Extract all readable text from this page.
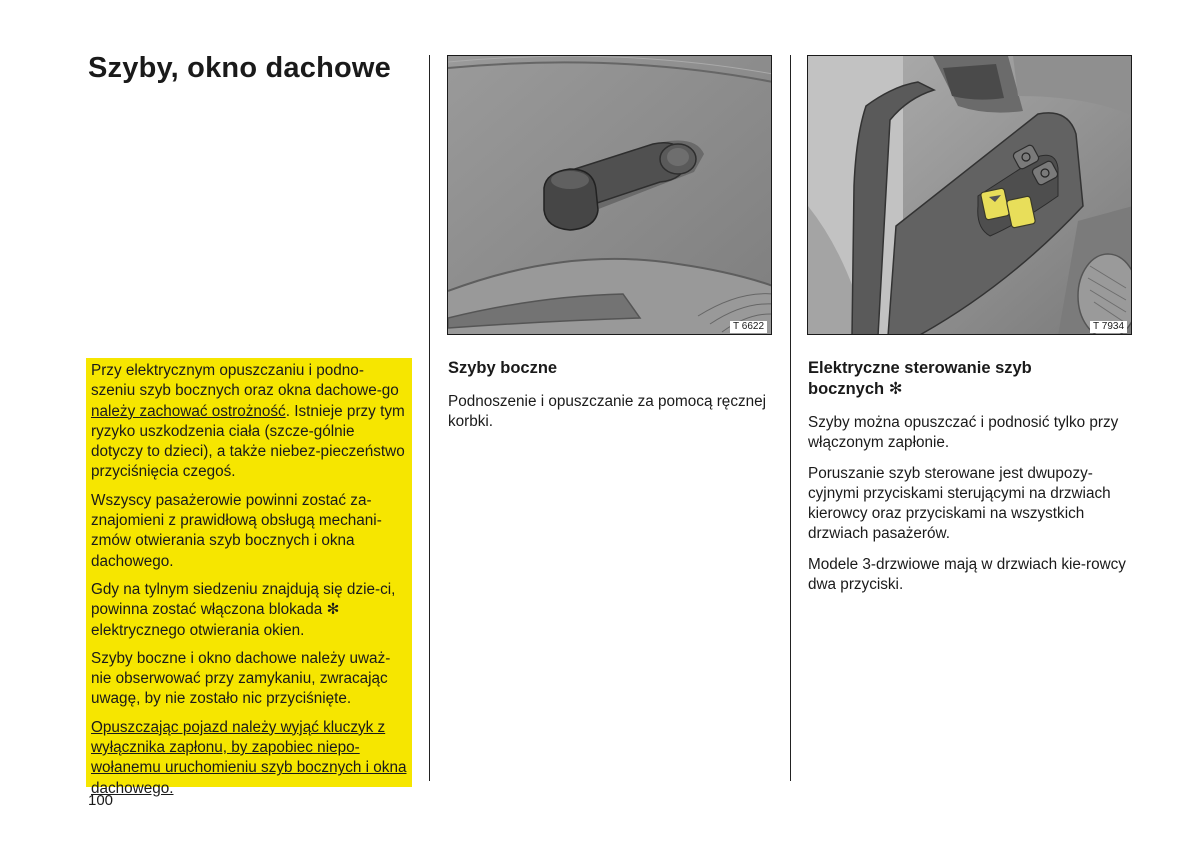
Szyby, okno dachowe

Przy elektrycznym opuszczaniu i podno-szeniu szyb bocznych oraz okna dachowe-go należy zachować ostrożność. Istnieje przy tym ryzyko uszkodzenia ciała (szcze-gólnie dotyczy to dzieci), a także niebez-pieczeństwo przyciśnięcia czegoś.

Wszyscy pasażerowie powinni zostać za-znajomieni z prawidłową obsługą mechani-zmów otwierania szyb bocznych i okna dachowego.

Gdy na tylnym siedzeniu znajdują się dzie-ci, powinna zostać włączona blokada ✻ elektrycznego otwierania okien.

Szyby boczne i okno dachowe należy uważ-nie obserwować przy zamykaniu, zwracając uwagę, by nie zostało nic przyciśnięte.

Opuszczając pojazd należy wyjąć kluczyk z wyłącznika zapłonu, by zapobiec niepo-wołanemu uruchomieniu szyb bocznych i okna dachowego.

100
T 6622	T 7934
Szyby boczne

Podnoszenie i opuszczanie za pomocą ręcznej korbki.

Elektryczne sterowanie szyb bocznych ✻

Szyby można opuszczać i podnosić tylko przy włączonym zapłonie.

Poruszanie szyb sterowane jest dwupozy-cyjnymi przyciskami sterującymi na drzwiach kierowcy oraz przyciskami na wszystkich drzwiach pasażerów.

Modele 3-drzwiowe mają w drzwiach kie-rowcy dwa przyciski.
